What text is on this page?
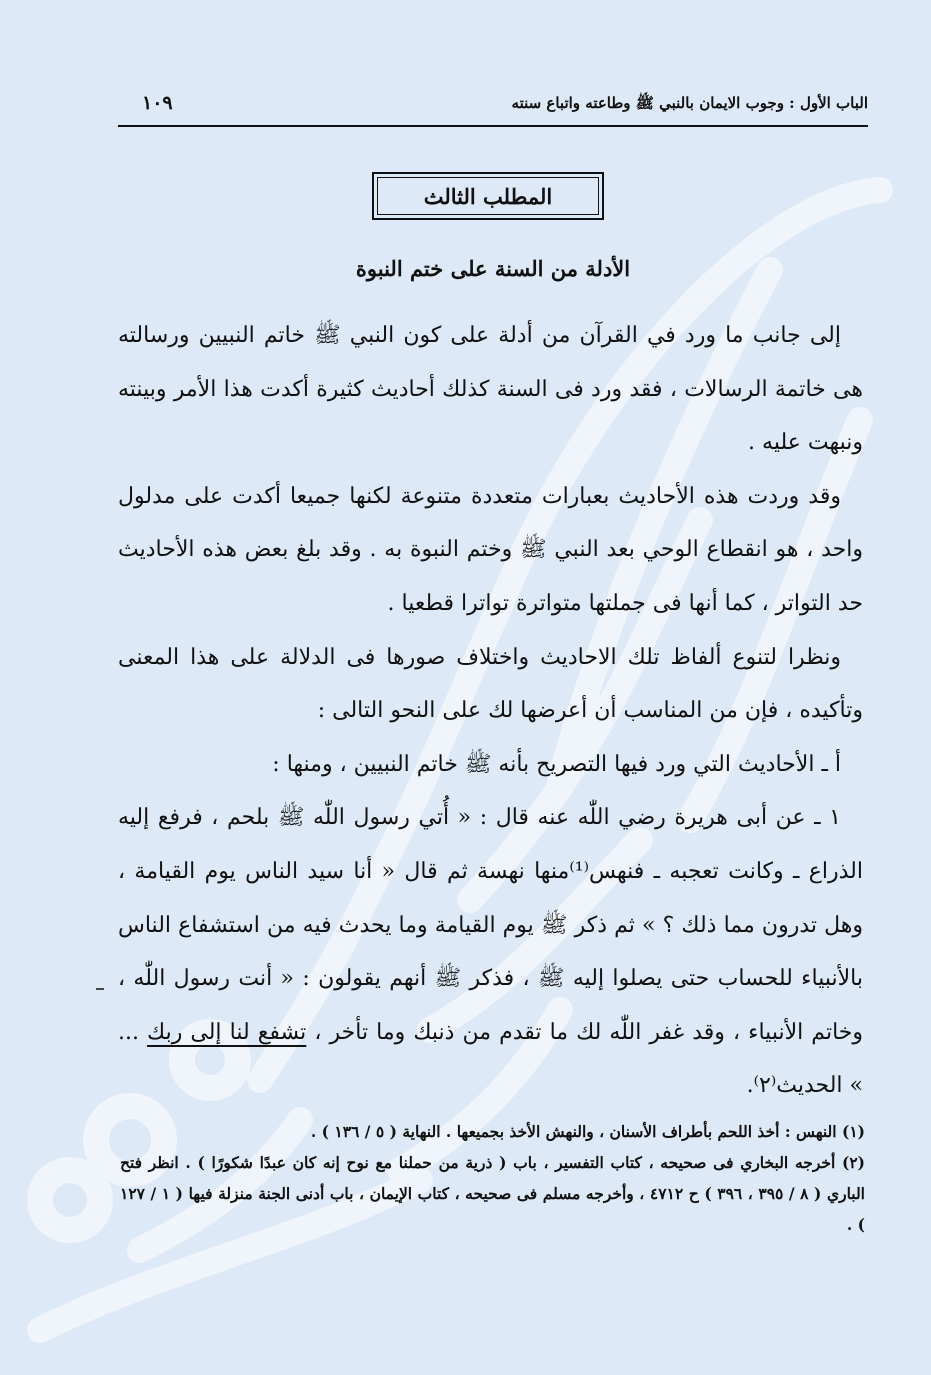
الباب الأول : وجوب الايمان بالنبي ﷺ وطاعته واتباع سنته
١٠٩
المطلب الثالث
الأدلة من السنة على ختم النبوة

إلى جانب ما ورد في القرآن من أدلة على كون النبي ﷺ خاتم النبيين ورسالته هى خاتمة الرسالات ، فقد ورد فى السنة كذلك أحاديث كثيرة أكدت هذا الأمر وبينته ونبهت عليه .

وقد وردت هذه الأحاديث بعبارات متعددة متنوعة لكنها جميعا أكدت على مدلول واحد ، هو انقطاع الوحي بعد النبي ﷺ وختم النبوة به . وقد بلغ بعض هذه الأحاديث حد التواتر ، كما أنها فى جملتها متواترة تواترا قطعيا .

ونظرا لتنوع ألفاظ تلك الاحاديث واختلاف صورها فى الدلالة على هذا المعنى وتأكيده ، فإن من المناسب أن أعرضها لك على النحو التالى :

أ ـ الأحاديث التي ورد فيها التصريح بأنه ﷺ خاتم النبيين ، ومنها :

١ ـ عن أبى هريرة رضي اللّٰه عنه قال : « أُتي رسول اللّٰه ﷺ بلحم ، فرفع إليه الذراع ـ وكانت تعجبه ـ فنهس⁽¹⁾منها نهسة ثم قال « أنا سيد الناس يوم القيامة ، وهل تدرون مما ذلك ؟ » ثم ذكر ﷺ يوم القيامة وما يحدث فيه من استشفاع الناس بالأنبياء للحساب حتى يصلوا إليه ﷺ ، فذكر ﷺ أنهم يقولون : « أنت رسول اللّٰه ، وخاتم الأنبياء ، وقد غفر اللّٰه لك ما تقدم من ذنبك وما تأخر ، تشفع لنا إلى ربك ... » الحديث⁽٢⁾.

(١) النهس : أخذ اللحم بأطراف الأسنان ، والنهش الأخذ بجميعها . النهاية ( ٥ / ١٣٦ ) .

(٢) أخرجه البخاري فى صحيحه ، كتاب التفسير ، باب ( ذرية من حملنا مع نوح إنه كان عبدًا شكورًا ) . انظر فتح الباري ( ٨ / ٣٩٥ ، ٣٩٦ ) ح ٤٧١٢ ، وأخرجه مسلم فى صحيحه ، كتاب الإيمان ، باب أدنى الجنة منزلة فيها ( ١ / ١٢٧ ) .
